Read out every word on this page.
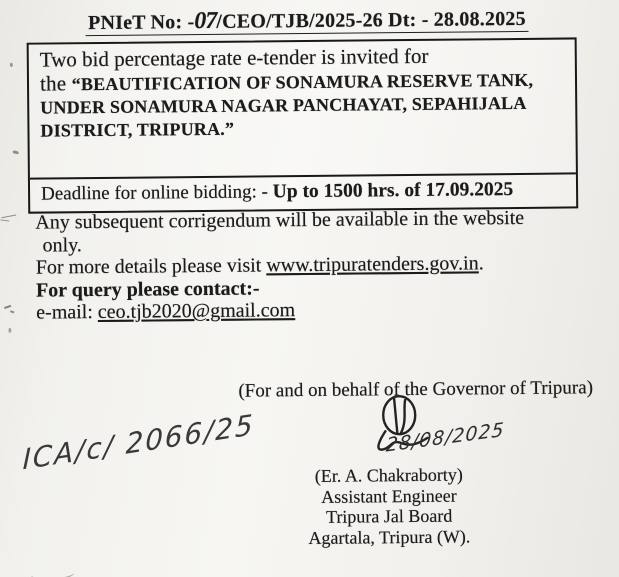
PNIeT No: -07/CEO/TJB/2025-26 Dt: - 28.08.2025

Two bid percentage rate e-tender is invited for

the “BEAUTIFICATION OF SONAMURA RESERVE TANK,

UNDER SONAMURA NAGAR PANCHAYAT, SEPAHIJALA

DISTRICT, TRIPURA.”

Deadline for online bidding: - Up to 1500 hrs. of 17.09.2025

Any subsequent corrigendum will be available in the website

only.

For more details please visit www.tripuratenders.gov.in.

For query please contact:-

e-mail: ceo.tjb2020@gmail.com

(For and on behalf of the Governor of Tripura)
ICA/c/ 2066/25	28/08/2025

(Er. A. Chakraborty)

Assistant Engineer

Tripura Jal Board

Agartala, Tripura (W).
